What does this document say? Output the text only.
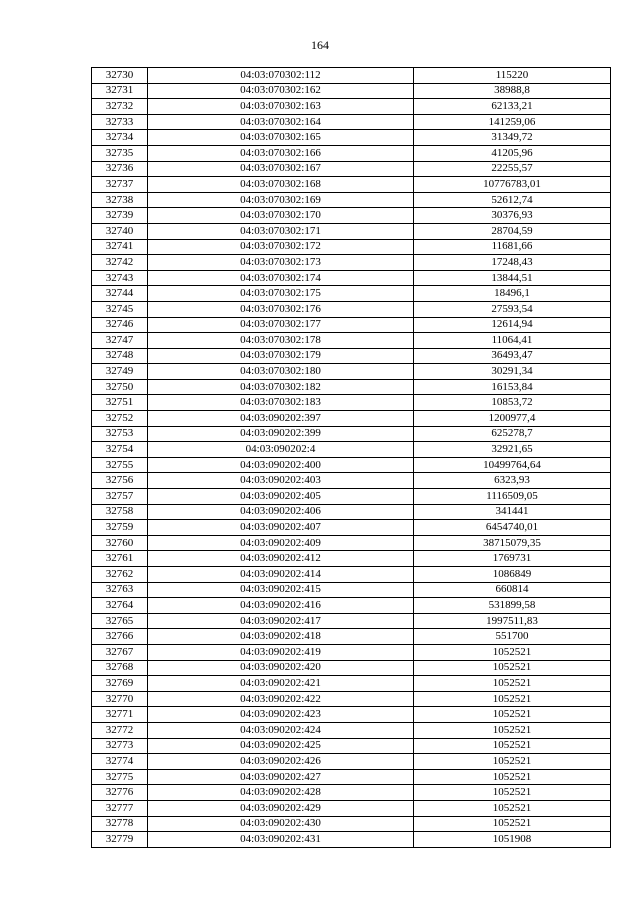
164
32730	04:03:070302:112	115220
32731	04:03:070302:162	38988,8
32732	04:03:070302:163	62133,21
32733	04:03:070302:164	141259,06
32734	04:03:070302:165	31349,72
32735	04:03:070302:166	41205,96
32736	04:03:070302:167	22255,57
32737	04:03:070302:168	10776783,01
32738	04:03:070302:169	52612,74
32739	04:03:070302:170	30376,93
32740	04:03:070302:171	28704,59
32741	04:03:070302:172	11681,66
32742	04:03:070302:173	17248,43
32743	04:03:070302:174	13844,51
32744	04:03:070302:175	18496,1
32745	04:03:070302:176	27593,54
32746	04:03:070302:177	12614,94
32747	04:03:070302:178	11064,41
32748	04:03:070302:179	36493,47
32749	04:03:070302:180	30291,34
32750	04:03:070302:182	16153,84
32751	04:03:070302:183	10853,72
32752	04:03:090202:397	1200977,4
32753	04:03:090202:399	625278,7
32754	04:03:090202:4	32921,65
32755	04:03:090202:400	10499764,64
32756	04:03:090202:403	6323,93
32757	04:03:090202:405	1116509,05
32758	04:03:090202:406	341441
32759	04:03:090202:407	6454740,01
32760	04:03:090202:409	38715079,35
32761	04:03:090202:412	1769731
32762	04:03:090202:414	1086849
32763	04:03:090202:415	660814
32764	04:03:090202:416	531899,58
32765	04:03:090202:417	1997511,83
32766	04:03:090202:418	551700
32767	04:03:090202:419	1052521
32768	04:03:090202:420	1052521
32769	04:03:090202:421	1052521
32770	04:03:090202:422	1052521
32771	04:03:090202:423	1052521
32772	04:03:090202:424	1052521
32773	04:03:090202:425	1052521
32774	04:03:090202:426	1052521
32775	04:03:090202:427	1052521
32776	04:03:090202:428	1052521
32777	04:03:090202:429	1052521
32778	04:03:090202:430	1052521
32779	04:03:090202:431	1051908
